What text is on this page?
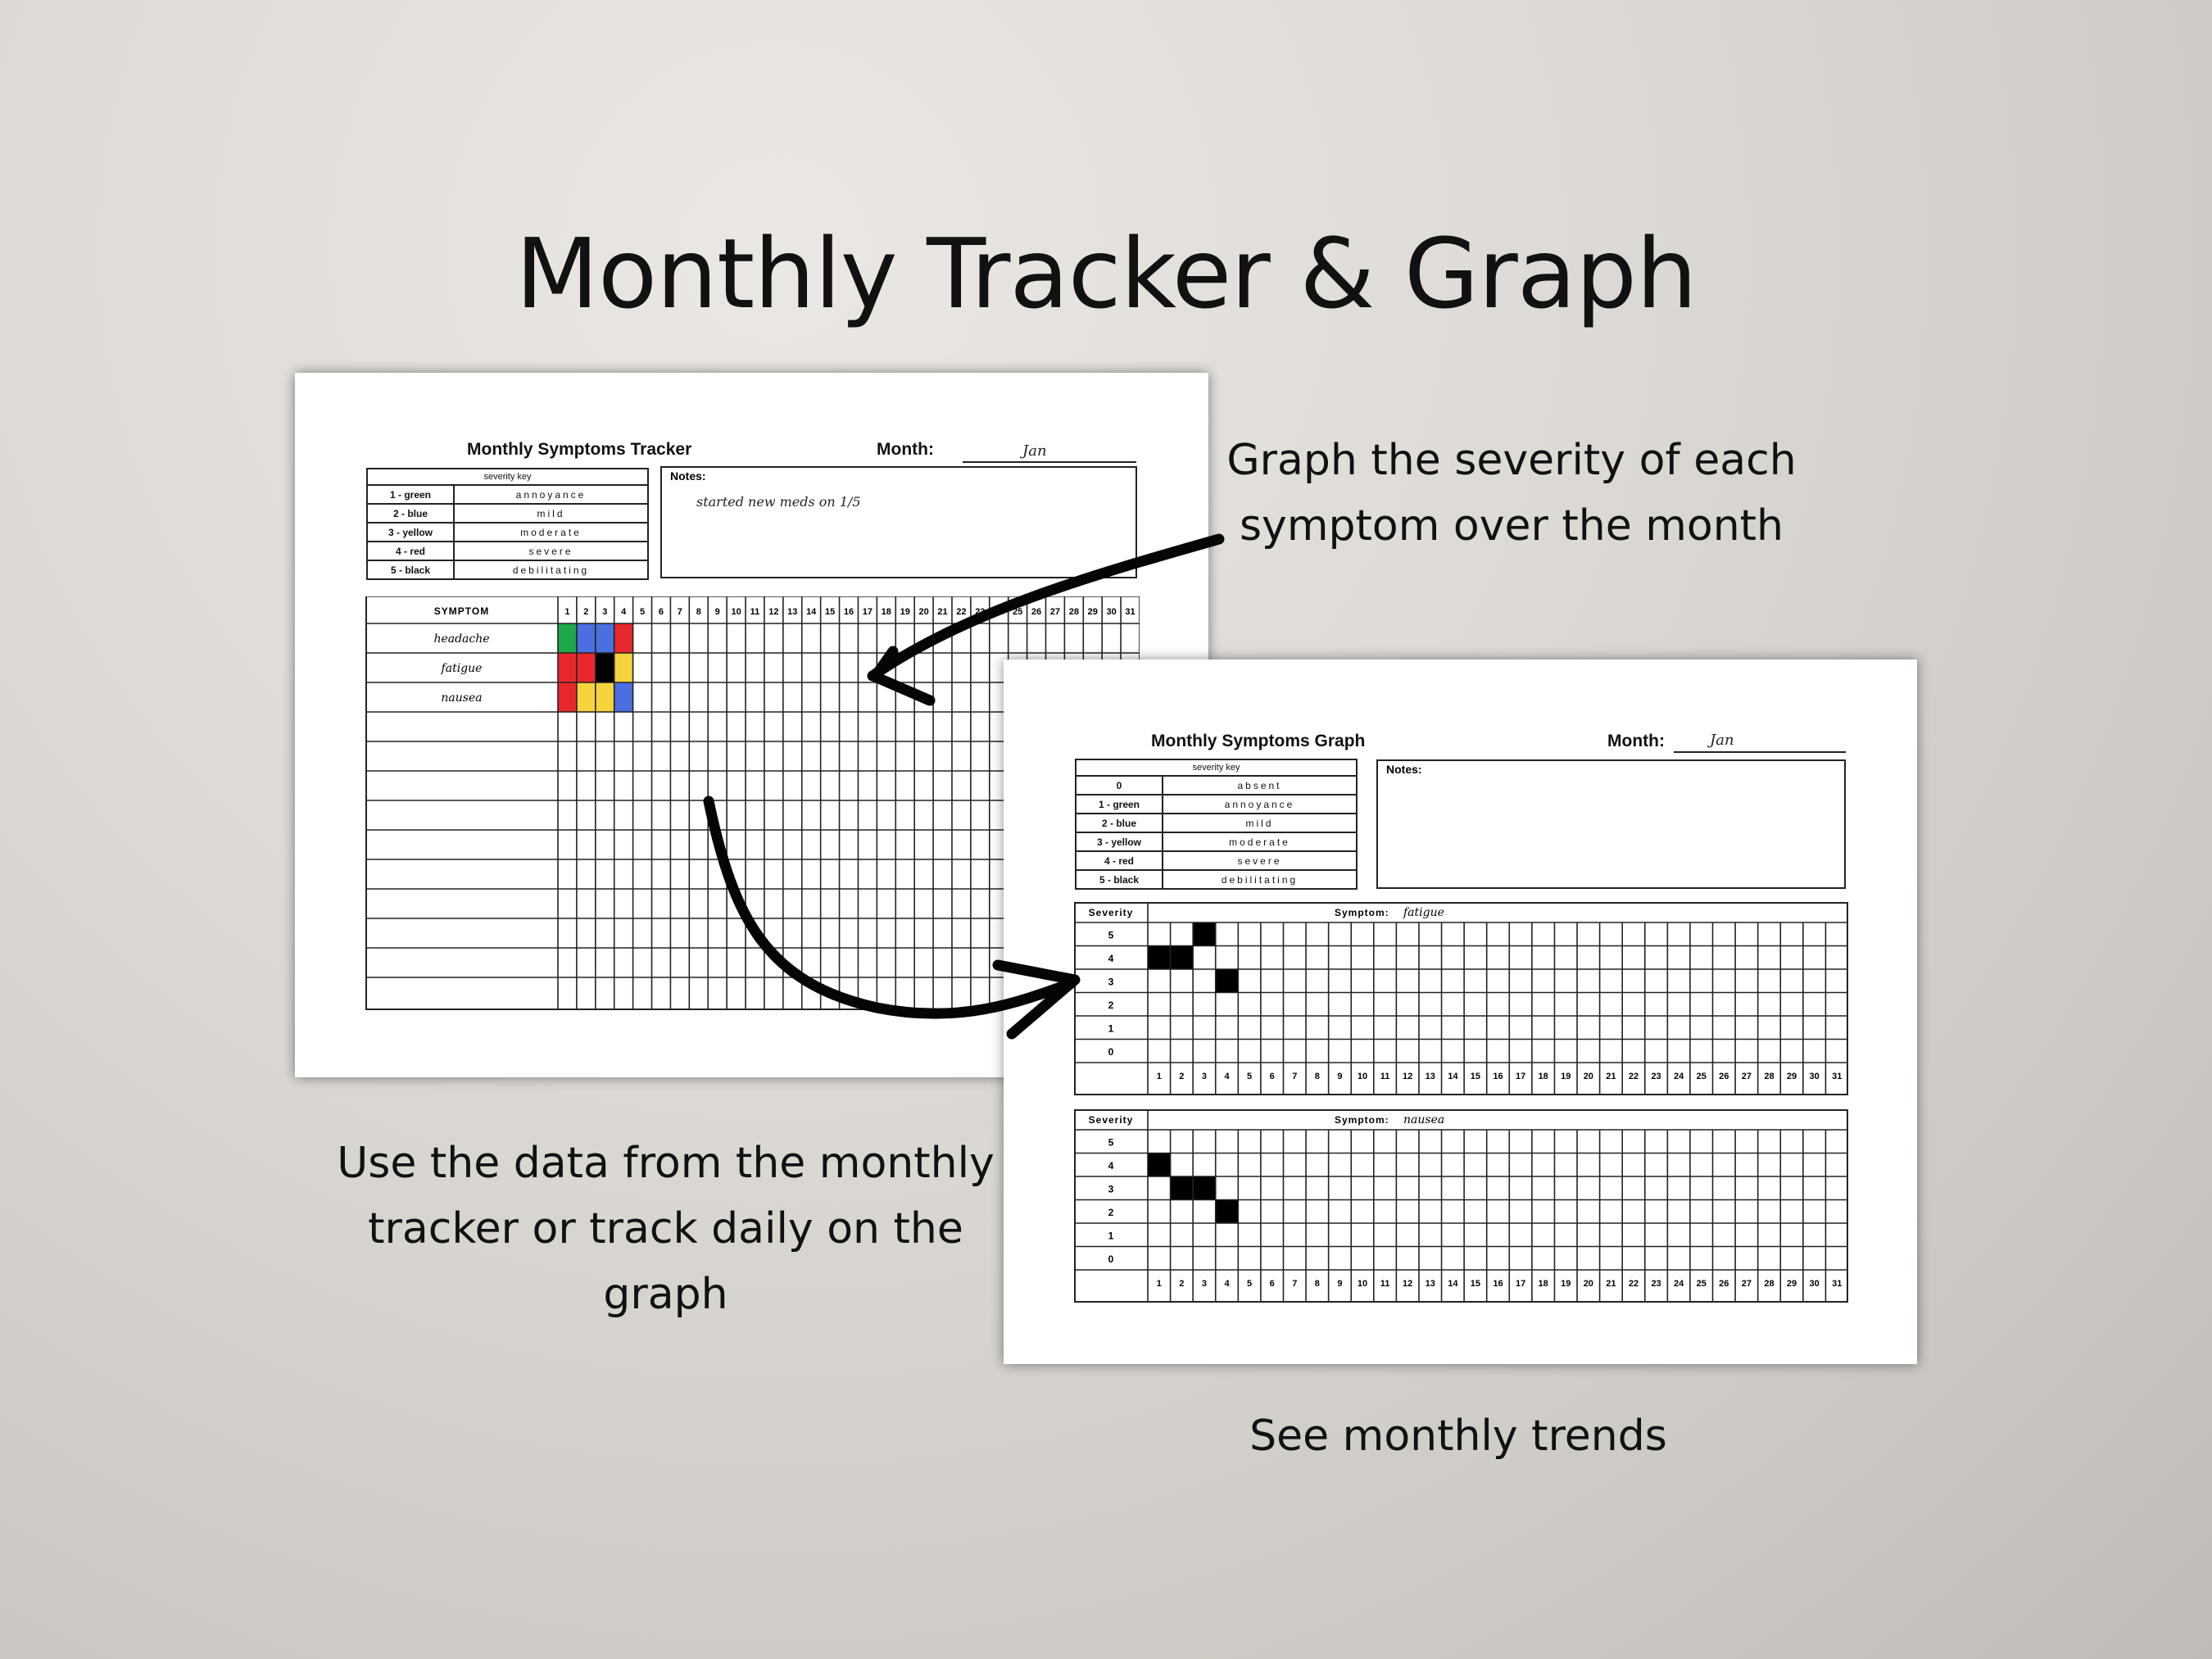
Monthly Tracker & Graph
Graph the severity of each
symptom over the month
Use the data from the monthly
tracker or track daily on the
graph
See monthly trends
Monthly Symptoms Tracker	Month:	Jan
severity key	
1 - green	annoyance
2 - blue	mild
3 - yellow	moderate
4 - red	severe
5 - black	debilitating
Notes:
started new meds on 1/5
SYMPTOM	1 2 3 4 5 6 7 8 9 10 11 12 13 14 15 16 17 18 19 20 21 22 23 24 25 26 27 28 29 30 31
headache
fatigue
nausea
Monthly Symptoms Graph	Month:	Jan
severity key	
0	absent
1 - green	annoyance
2 - blue	mild
3 - yellow	moderate
4 - red	severe
5 - black	debilitating
Notes:
Severity	Symptom: fatigue
5
4
3
2
1
0
1 2 3 4 5 6 7 8 9 10 11 12 13 14 15 16 17 18 19 20 21 22 23 24 25 26 27 28 29 30 31
Severity	Symptom: nausea
5
4
3
2
1
0
1 2 3 4 5 6 7 8 9 10 11 12 13 14 15 16 17 18 19 20 21 22 23 24 25 26 27 28 29 30 31
